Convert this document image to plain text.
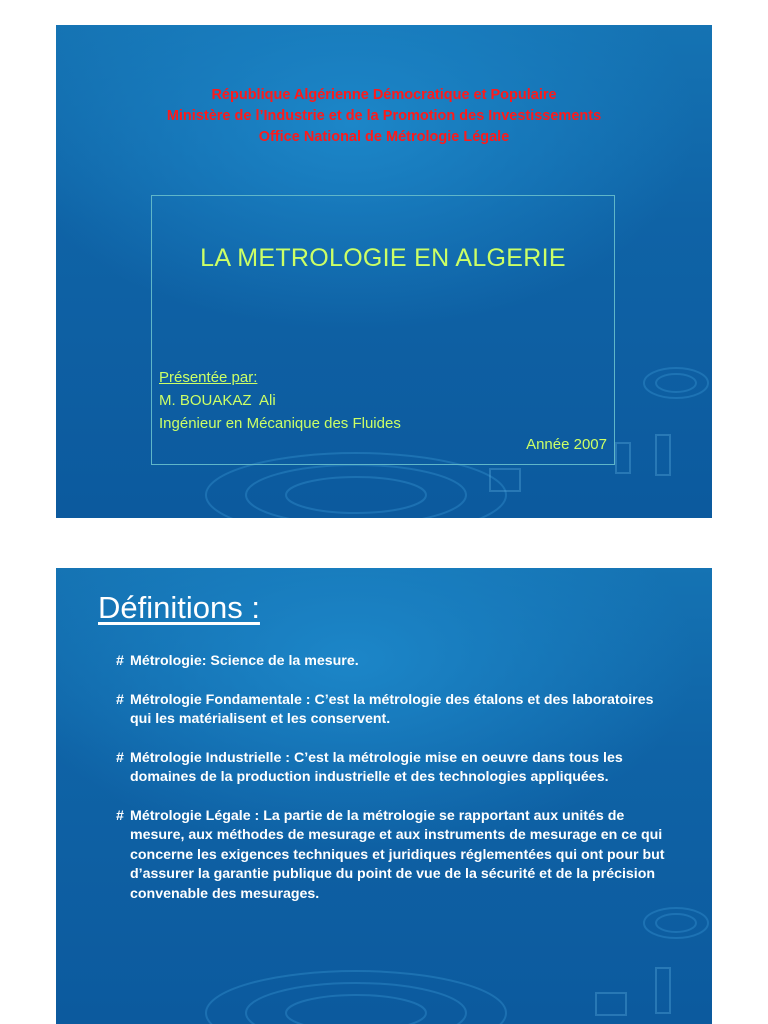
République Algérienne Démocratique et Populaire
Ministère de l’Industrie et de la Promotion des Investissements
Office National de Métrologie Légale
LA METROLOGIE EN ALGERIE
Présentée par:
M. BOUAKAZ  Ali
Ingénieur en Mécanique des Fluides
Année 2007
Définitions :
# Métrologie: Science de la mesure.
# Métrologie Fondamentale : C’est la métrologie des étalons et des laboratoires qui les matérialisent et les conservent.
# Métrologie Industrielle : C’est la métrologie mise en oeuvre dans tous les domaines de la production industrielle et des technologies appliquées.
# Métrologie Légale : La partie de la métrologie se rapportant aux unités de mesure, aux méthodes de mesurage et aux instruments de mesurage en ce qui concerne les exigences techniques et juridiques réglementées qui ont pour but d’assurer la garantie publique du point de vue de la sécurité et de la précision convenable des mesurages.
